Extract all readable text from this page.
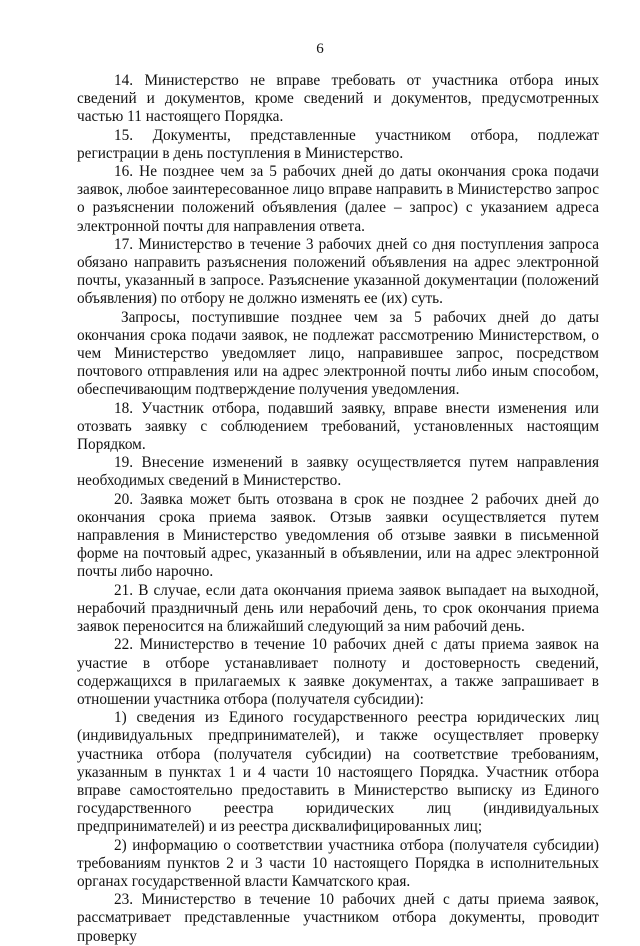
6

14. Министерство не вправе требовать от участника отбора иных сведений и документов, кроме сведений и документов, предусмотренных частью 11 настоящего Порядка.

15. Документы, представленные участником отбора, подлежат регистрации в день поступления в Министерство.

16. Не позднее чем за 5 рабочих дней до даты окончания срока подачи заявок, любое заинтересованное лицо вправе направить в Министерство запрос о разъяснении положений объявления (далее – запрос) с указанием адреса электронной почты для направления ответа.

17. Министерство в течение 3 рабочих дней со дня поступления запроса обязано направить разъяснения положений объявления на адрес электронной почты, указанный в запросе. Разъяснение указанной документации (положений объявления) по отбору не должно изменять ее (их) суть.

Запросы, поступившие позднее чем за 5 рабочих дней до даты окончания срока подачи заявок, не подлежат рассмотрению Министерством, о чем Министерство уведомляет лицо, направившее запрос, посредством почтового отправления или на адрес электронной почты либо иным способом, обеспечивающим подтверждение получения уведомления.

18. Участник отбора, подавший заявку, вправе внести изменения или отозвать заявку с соблюдением требований, установленных настоящим Порядком.

19. Внесение изменений в заявку осуществляется путем направления необходимых сведений в Министерство.

20. Заявка может быть отозвана в срок не позднее 2 рабочих дней до окончания срока приема заявок. Отзыв заявки осуществляется путем направления в Министерство уведомления об отзыве заявки в письменной форме на почтовый адрес, указанный в объявлении, или на адрес электронной почты либо нарочно.

21. В случае, если дата окончания приема заявок выпадает на выходной, нерабочий праздничный день или нерабочий день, то срок окончания приема заявок переносится на ближайший следующий за ним рабочий день.

22. Министерство в течение 10 рабочих дней с даты приема заявок на участие в отборе устанавливает полноту и достоверность сведений, содержащихся в прилагаемых к заявке документах, а также запрашивает в отношении участника отбора (получателя субсидии):

1) сведения из Единого государственного реестра юридических лиц (индивидуальных предпринимателей), и также осуществляет проверку участника отбора (получателя субсидии) на соответствие требованиям, указанным в пунктах 1 и 4 части 10 настоящего Порядка. Участник отбора вправе самостоятельно предоставить в Министерство выписку из Единого государственного реестра юридических лиц (индивидуальных предпринимателей) и из реестра дисквалифицированных лиц;

2) информацию о соответствии участника отбора (получателя субсидии) требованиям пунктов 2 и 3 части 10 настоящего Порядка в исполнительных органах государственной власти Камчатского края.

23. Министерство в течение 10 рабочих дней с даты приема заявок, рассматривает представленные участником отбора документы, проводит проверку
